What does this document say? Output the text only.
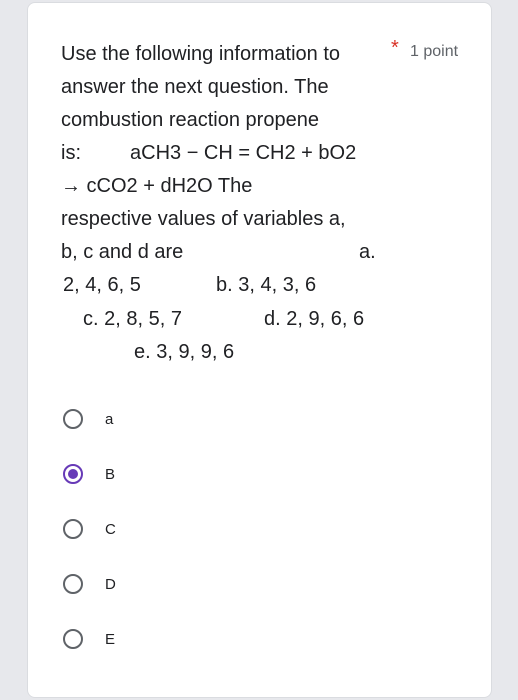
Use the following information to
answer the next question. The
combustion reaction propene
is: aCH3 − CH = CH2 + bO2
→ cCO2 + dH2O The
respective values of variables a,
b, c and d are	a.
2, 4, 6, 5	b. 3, 4, 3, 6
c. 2, 8, 5, 7	d. 2, 9, 6, 6
e. 3, 9, 9, 6
* 1 point
a
B
C
D
E
